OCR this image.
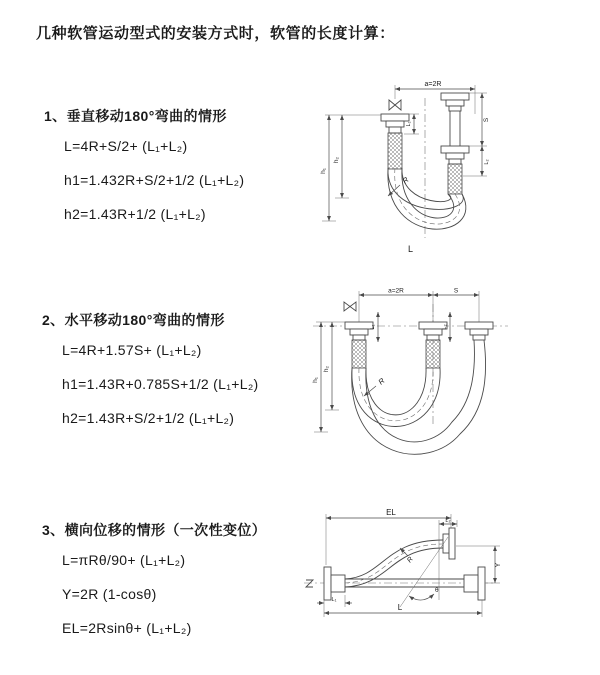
几种软管运动型式的安装方式时，软管的长度计算：
1、垂直移动180°弯曲的情形
L=4R+S/2+ (L₁+L₂)
h1=1.432R+S/2+1/2 (L₁+L₂)
h2=1.43R+1/2 (L₁+L₂)
2、水平移动180°弯曲的情形
L=4R+1.57S+ (L₁+L₂)
h1=1.43R+0.785S+1/2 (L₁+L₂)
h2=1.43R+S/2+1/2 (L₁+L₂)
3、横向位移的情形（一次性变位）
L=πRθ/90+ (L₁+L₂)
Y=2R (1-cosθ)
EL=2Rsinθ+ (L₁+L₂)
a=2R
h₁
h₂
L₁
S
L₂
R
L
a=2R	S
h₁
h₂
L₁	L₂
R
EL
L₂
Y
θ
R
L₁
L
